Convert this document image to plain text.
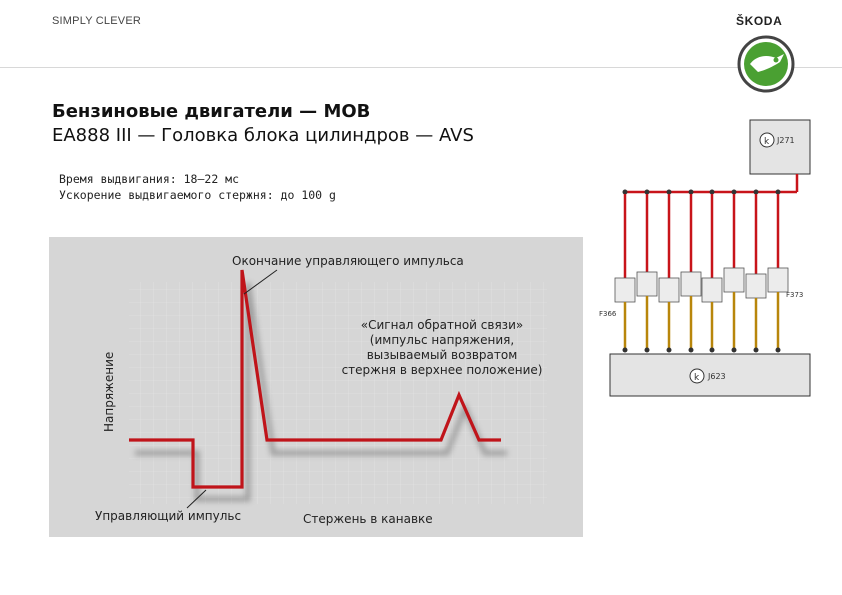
SIMPLY CLEVER	ŠKODA
Бензиновые двигатели — MOB
EA888 III — Головка блока цилиндров — AVS
Время выдвигания: 18–22 мс
Ускорение выдвигаемого стержня: до 100 g
Окончание управляющего импульса
«Сигнал обратной связи»
(импульс напряжения,
вызываемый возвратом
стержня в верхнее положение)
Напряжение
Управляющий импульс	Стержень в канавке
k J271
F366
F373
k J623
